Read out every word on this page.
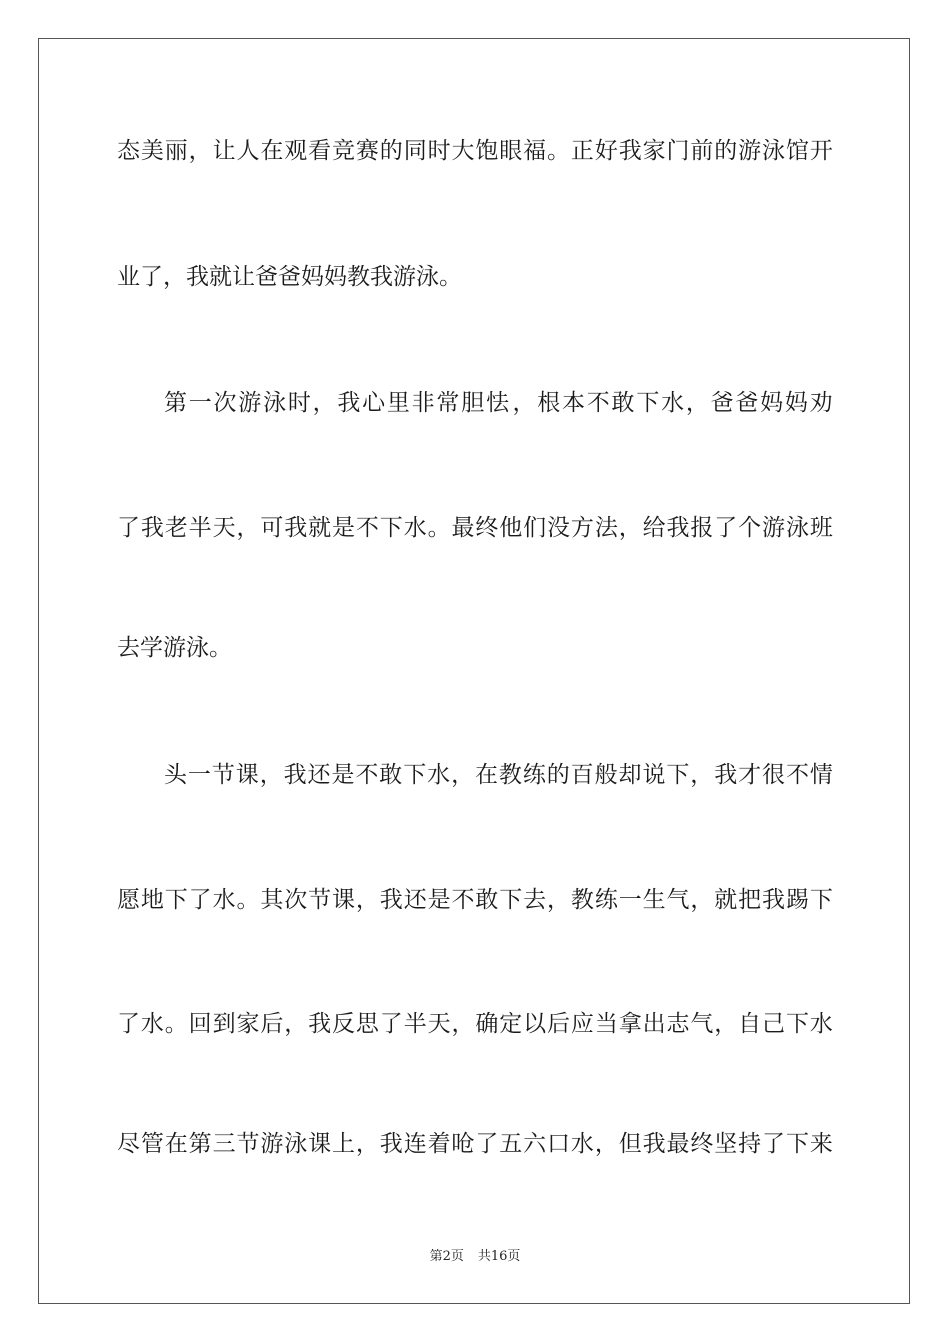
态 美 丽 ， 让 人 在 观 看 竞 赛 的 同 时 大 饱 眼 福 。 正 好 我 家 门 前 的 游 泳 馆 开
业了，我就让爸爸妈妈教我游泳。
第 一 次 游 泳 时 ， 我 心 里 非 常 胆 怯 ， 根 本 不 敢 下 水 ， 爸 爸 妈 妈 劝
了 我 老 半 天 ， 可 我 就 是 不 下 水 。 最 终 他 们 没 方 法 ， 给 我 报 了 个 游 泳 班
去学游泳。
头 一 节 课 ， 我 还 是 不 敢 下 水 ， 在 教 练 的 百 般 却 说 下 ， 我 才 很 不 情
愿 地 下 了 水 。 其 次 节 课 ， 我 还 是 不 敢 下 去 ， 教 练 一 生 气 ， 就 把 我 踢 下
了 水 。 回 到 家 后 ， 我 反 思 了 半 天 ， 确 定 以 后 应 当 拿 出 志 气 ， 自 己 下 水
尽 管 在 第 三 节 游 泳 课 上 ， 我 连 着 呛 了 五 六 口 水 ， 但 我 最 终 坚 持 了 下 来
第2页 共16页
